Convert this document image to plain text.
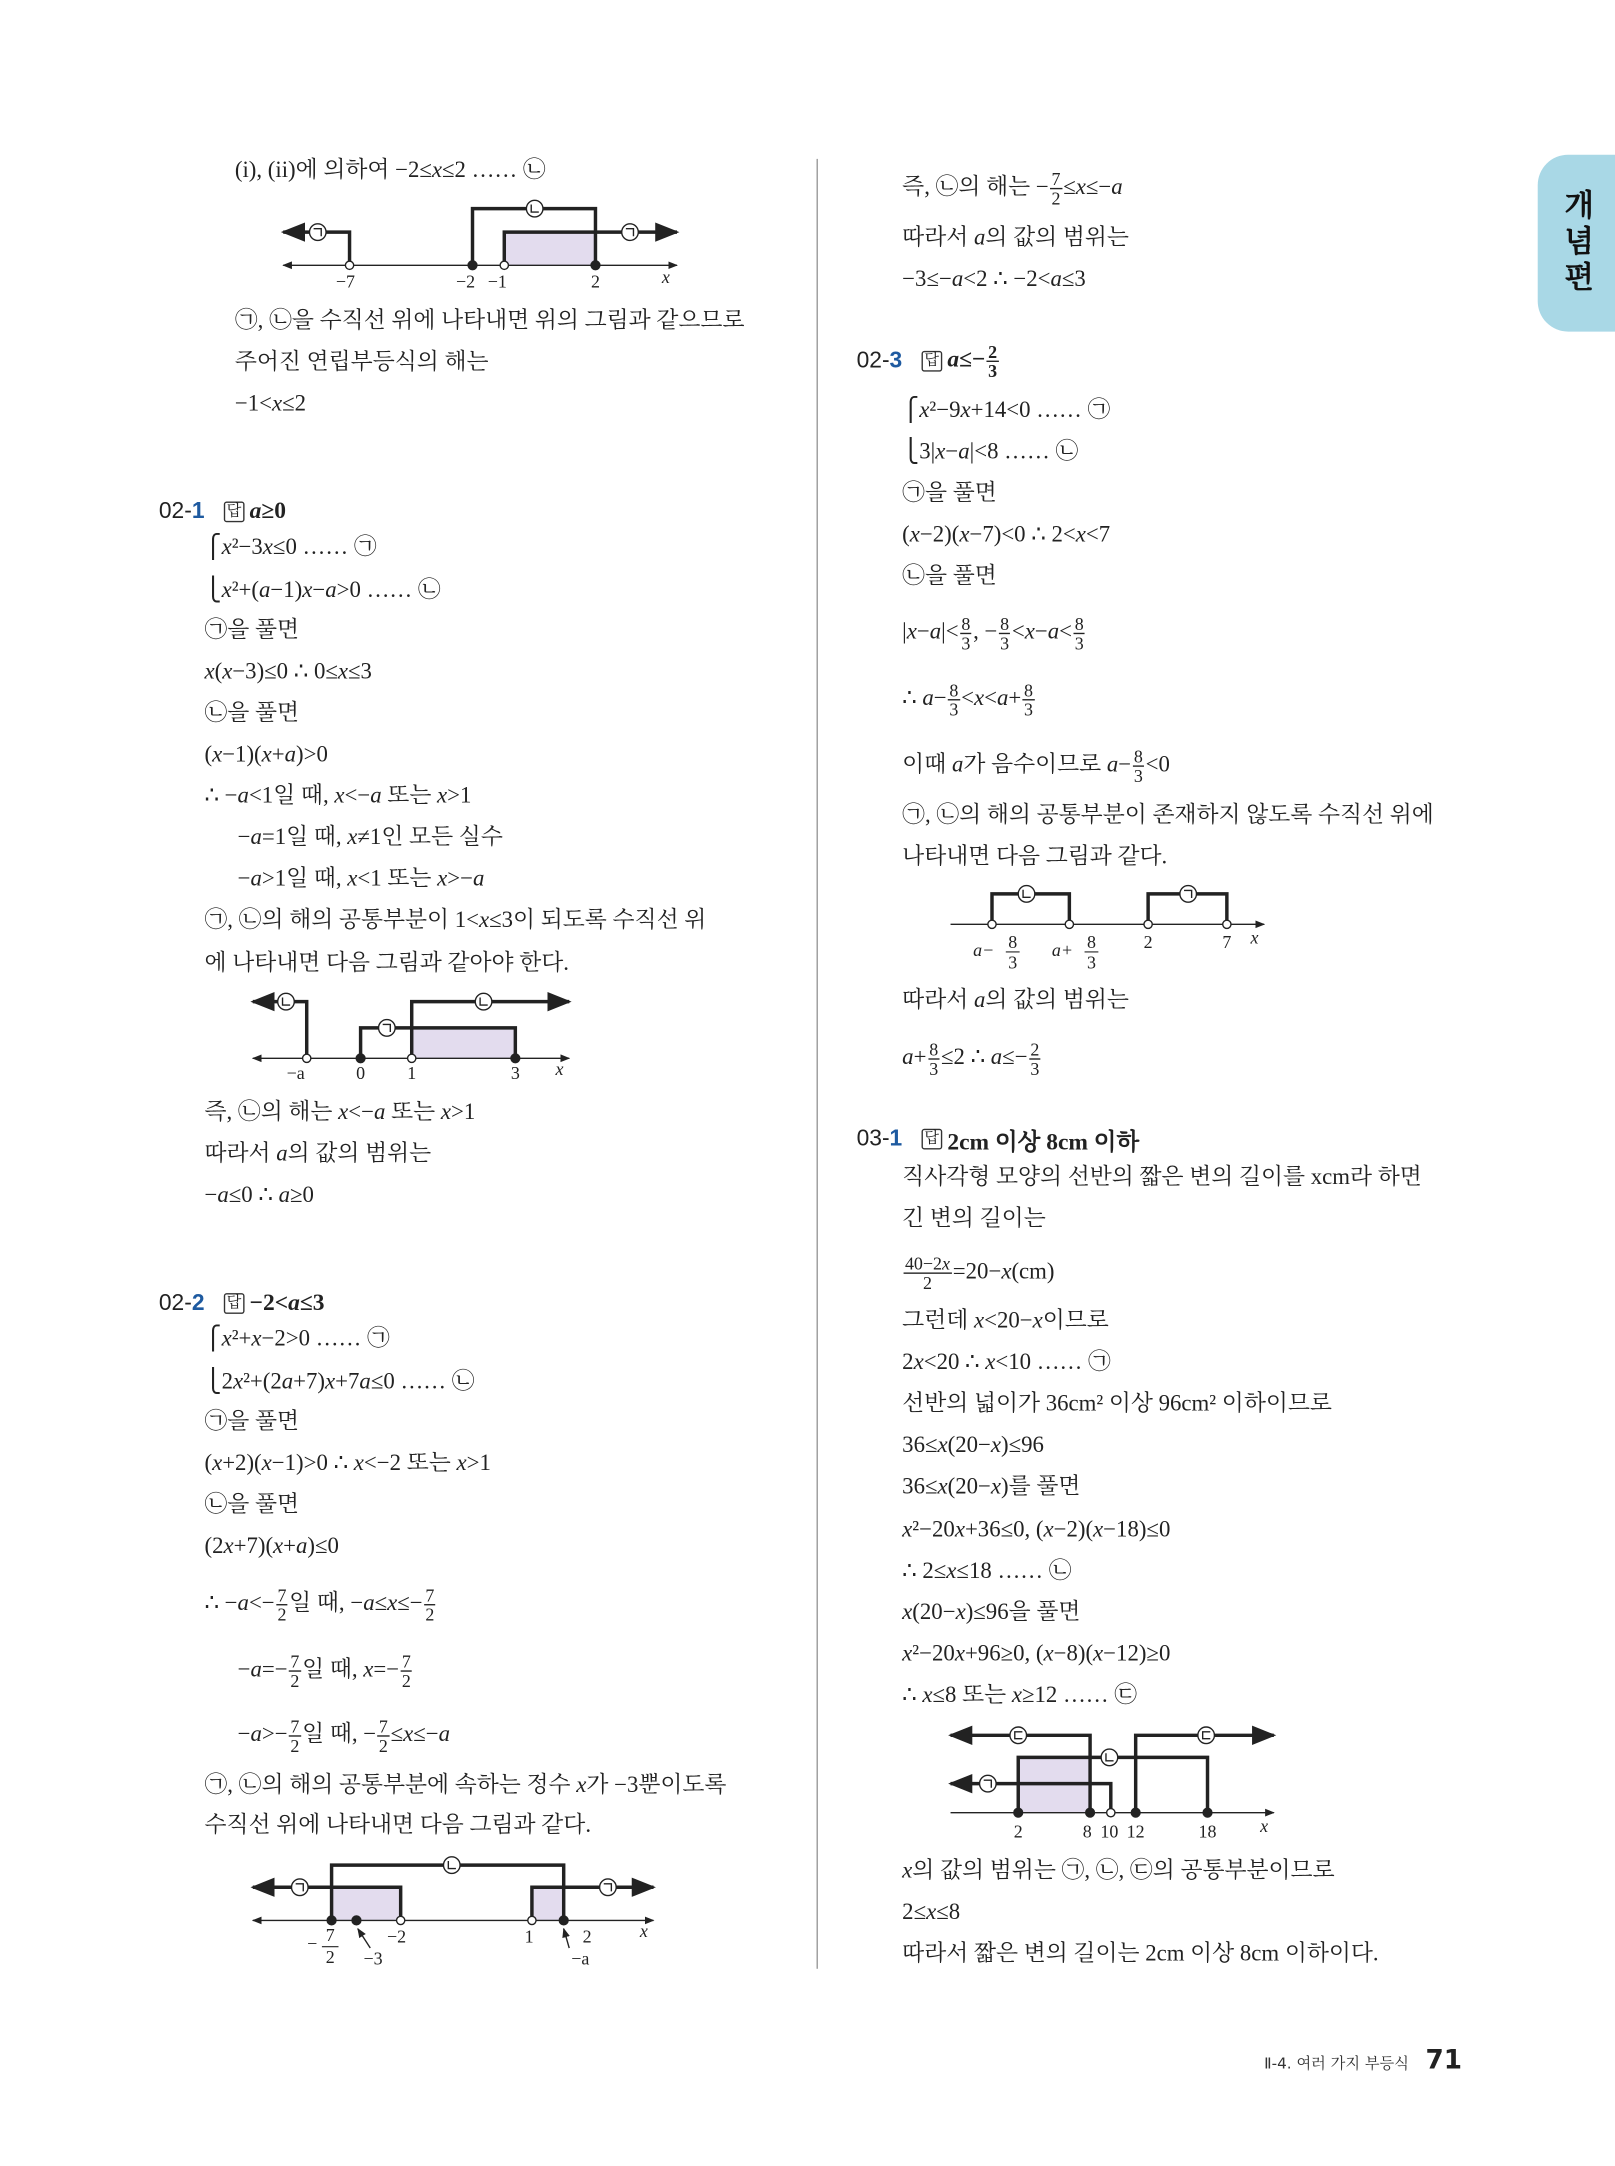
개
념
편
(i), (ii)에 의하여 −2≤x≤2 …… ㉡
㉠, ㉡을 수직선 위에 나타내면 위의 그림과 같으므로
주어진 연립부등식의 해는
−1<x≤2
02-1 답 a≥0
⎧x²−3x≤0 …… ㉠
⎩x²+(a−1)x−a>0 …… ㉡
㉠을 풀면
x(x−3)≤0 ∴ 0≤x≤3
㉡을 풀면
(x−1)(x+a)>0
∴ −a<1일 때, x<−a 또는 x>1
−a=1일 때, x≠1인 모든 실수
−a>1일 때, x<1 또는 x>−a
㉠, ㉡의 해의 공통부분이 1<x≤3이 되도록 수직선 위
에 나타내면 다음 그림과 같아야 한다.
즉, ㉡의 해는 x<−a 또는 x>1
따라서 a의 값의 범위는
−a≤0 ∴ a≥0
02-2 답 −2<a≤3
⎧x²+x−2>0 …… ㉠
⎩2x²+(2a+7)x+7a≤0 …… ㉡
㉠을 풀면
(x+2)(x−1)>0 ∴ x<−2 또는 x>1
㉡을 풀면
(2x+7)(x+a)≤0
∴ $-a<- \frac{7}{2}$ 일 때, $-a\le x\le- \frac{7}{2}$
$-a=- \frac{7}{2}$ 일 때, $x=- \frac{7}{2}$
$-a>- \frac{7}{2}$ 일 때, − $\frac{7}{2} \le x\le-a$
㉠, ㉡의 해의 공통부분에 속하는 정수 x가 −3뿐이도록
수직선 위에 나타내면 다음 그림과 같다.
즉, ㉡의 해는 − $\frac{7}{2} \le x\le-a$
따라서 a의 값의 범위는
−3≤−a<2 ∴ −2<a≤3
02-3 답 $a\le- \frac{2}{3}$
⎧x²−9x+14<0 …… ㉠
⎩3|x−a|<8 …… ㉡
㉠을 풀면
(x−2)(x−7)<0 ∴ 2<x<7
㉡을 풀면
$|x-a|< \frac{8}{3}$ , − $\frac{8}{3} <x-a< \frac{8}{3}$
∴ $a- \frac{8}{3} <x<a+ \frac{8}{3}$
이때 a가 음수이므로 $a- \frac{8}{3} <0$
㉠, ㉡의 해의 공통부분이 존재하지 않도록 수직선 위에
나타내면 다음 그림과 같다.
따라서 a의 값의 범위는
$a+ \frac{8}{3} \le 2$ ∴ $a\le- \frac{2}{3}$
03-1 답 2cm 이상 8cm 이하
직사각형 모양의 선반의 짧은 변의 길이를 xcm라 하면
긴 변의 길이는
$\frac{40-2x}{2} =20-x(cm)$
그런데 x<20−x이므로
2x<20 ∴ x<10 …… ㉠
선반의 넓이가 36cm² 이상 96cm² 이하이므로
36≤x(20−x)≤96
36≤x(20−x)를 풀면
x²−20x+36≤0, (x−2)(x−18)≤0
∴ 2≤x≤18 …… ㉡
x(20−x)≤96을 풀면
x²−20x+96≥0, (x−8)(x−12)≥0
∴ x≤8 또는 x≥12 …… ㉢
x의 값의 범위는 ㉠, ㉡, ㉢의 공통부분이므로
2≤x≤8
따라서 짧은 변의 길이는 2cm 이상 8cm 이하이다.
Ⅱ-4. 여러 가지 부등식 71
−7	−2 −1	2	x
−a	0	1	3	x
− 7
2 −3
−2	1	2
−a
x
a− 8
3
a+ 8
3
2	7 x
2	8 10 12	18	x
